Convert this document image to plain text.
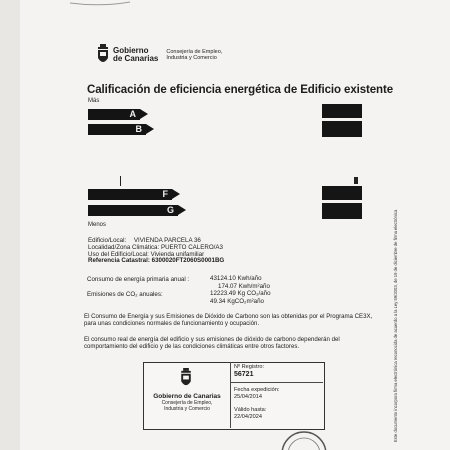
Gobierno
de Canarias
Consejería de Empleo,
Industria y Comercio
Calificación de eficiencia energética de Edificio existente
Más
A
B
F
G
Menos
Edificio/Local: VIVIENDA PARCELA 36
Localidad/Zona Climática: PUERTO CALERO/A3
Uso del Edificio/Local: Vivienda unifamiliar
Referencia Catastral: 6300020FT2060S0001BG
Consumo de energía primaria anual :	43124.10 Kwh/año
174.07 Kwh/m²año
Emisiones de CO₂ anuales:	12223.49 Kg CO₂/año
49.34 KgCO₂m²año
El Consumo de Energía y sus Emisiones de Dióxido de Carbono son las obtenidas por el Programa CE3X, para unas condiciones normales de funcionamiento y ocupación.
El consumo real de energía del edificio y sus emisiones de dióxido de carbono dependerán del comportamiento del edificio y de las condiciones climáticas entre otros factores.
Gobierno de Canarias
Consejería de Empleo,
Industria y Comercio
Nº Registro:
56721
Fecha expedición:
25/04/2014
Válido hasta:
22/04/2024	Este documento incorpora firma electrónica reconocida de acuerdo a la Ley 59/2003, de 19 de diciembre de firma electrónica
